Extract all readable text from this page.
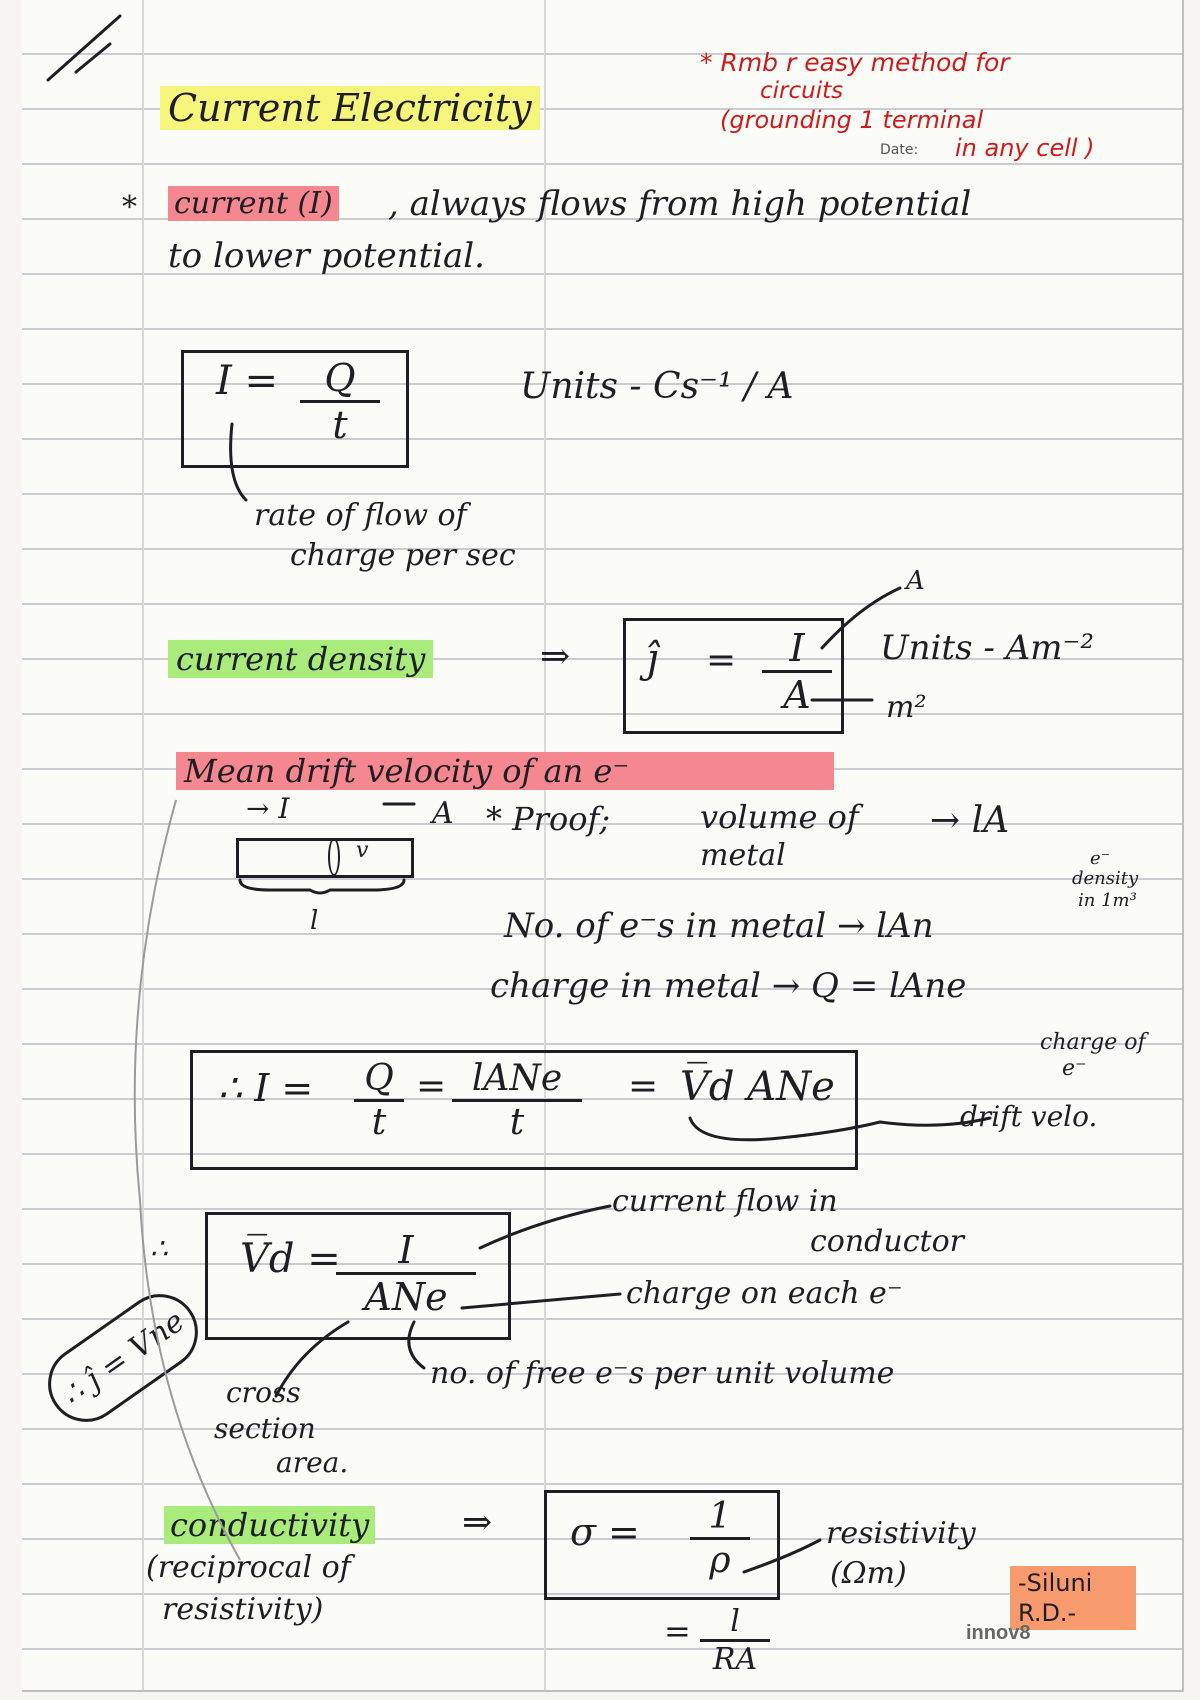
Current Electricity
* Rmb r easy method for
circuits
(grounding 1 terminal
Date: in any cell )
* current (I) , always flows from high potential
to lower potential.
$I = \frac{Q}{t}$	Units - Cs⁻¹ / A
rate of flow of
charge per sec
current density	⇒ ĵ = $\frac{I}{A}$ Units - Am⁻²
A
m²
Mean drift velocity of an e⁻
→ I	A
v̅
l
* Proof;	volume of
metal
→ lA
No. of e⁻s in metal → lAn
e⁻
density
in 1m³
charge in metal → Q = lAne
charge of
e⁻
∴ $I = \frac{Q}{t}$ = lANe
t
= V̅d ANe
drift velo.
∴ V̅d =	I
ANe
current flow in
conductor
charge on each e⁻
no. of free e⁻s per unit volume
cross
section
area.
∴ ĵ = Vne
conductivity	⇒
(reciprocal of
resistivity)
$\sigma = \frac{1}{\rho}$
= $\frac{l}{RA}$
resistivity
(Ωm)	-Siluni R.D.-
innov8
